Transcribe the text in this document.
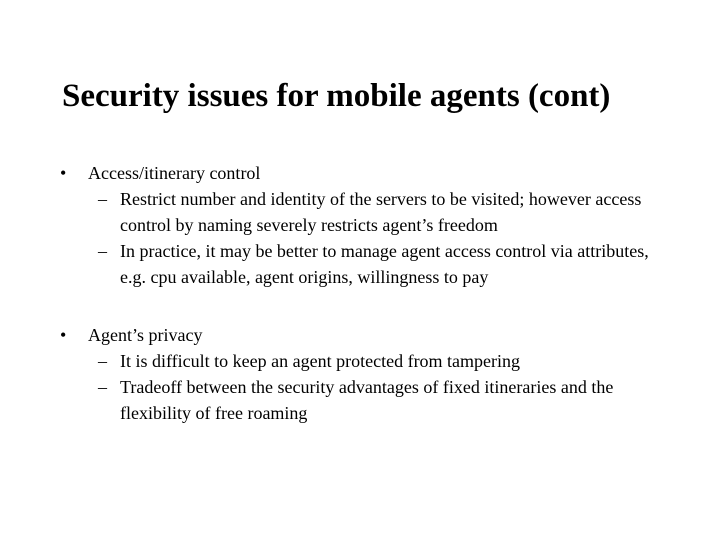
Security issues for mobile agents (cont)
•	Access/itinerary control
– Restrict number and identity of the servers to be visited; however access control by naming severely restricts agent’s freedom
– In practice, it may be better to manage agent access control via attributes, e.g. cpu available, agent origins, willingness to pay
•	Agent’s privacy
– It is difficult to keep an agent protected from tampering
– Tradeoff between the security advantages of fixed itineraries and the flexibility of free roaming
